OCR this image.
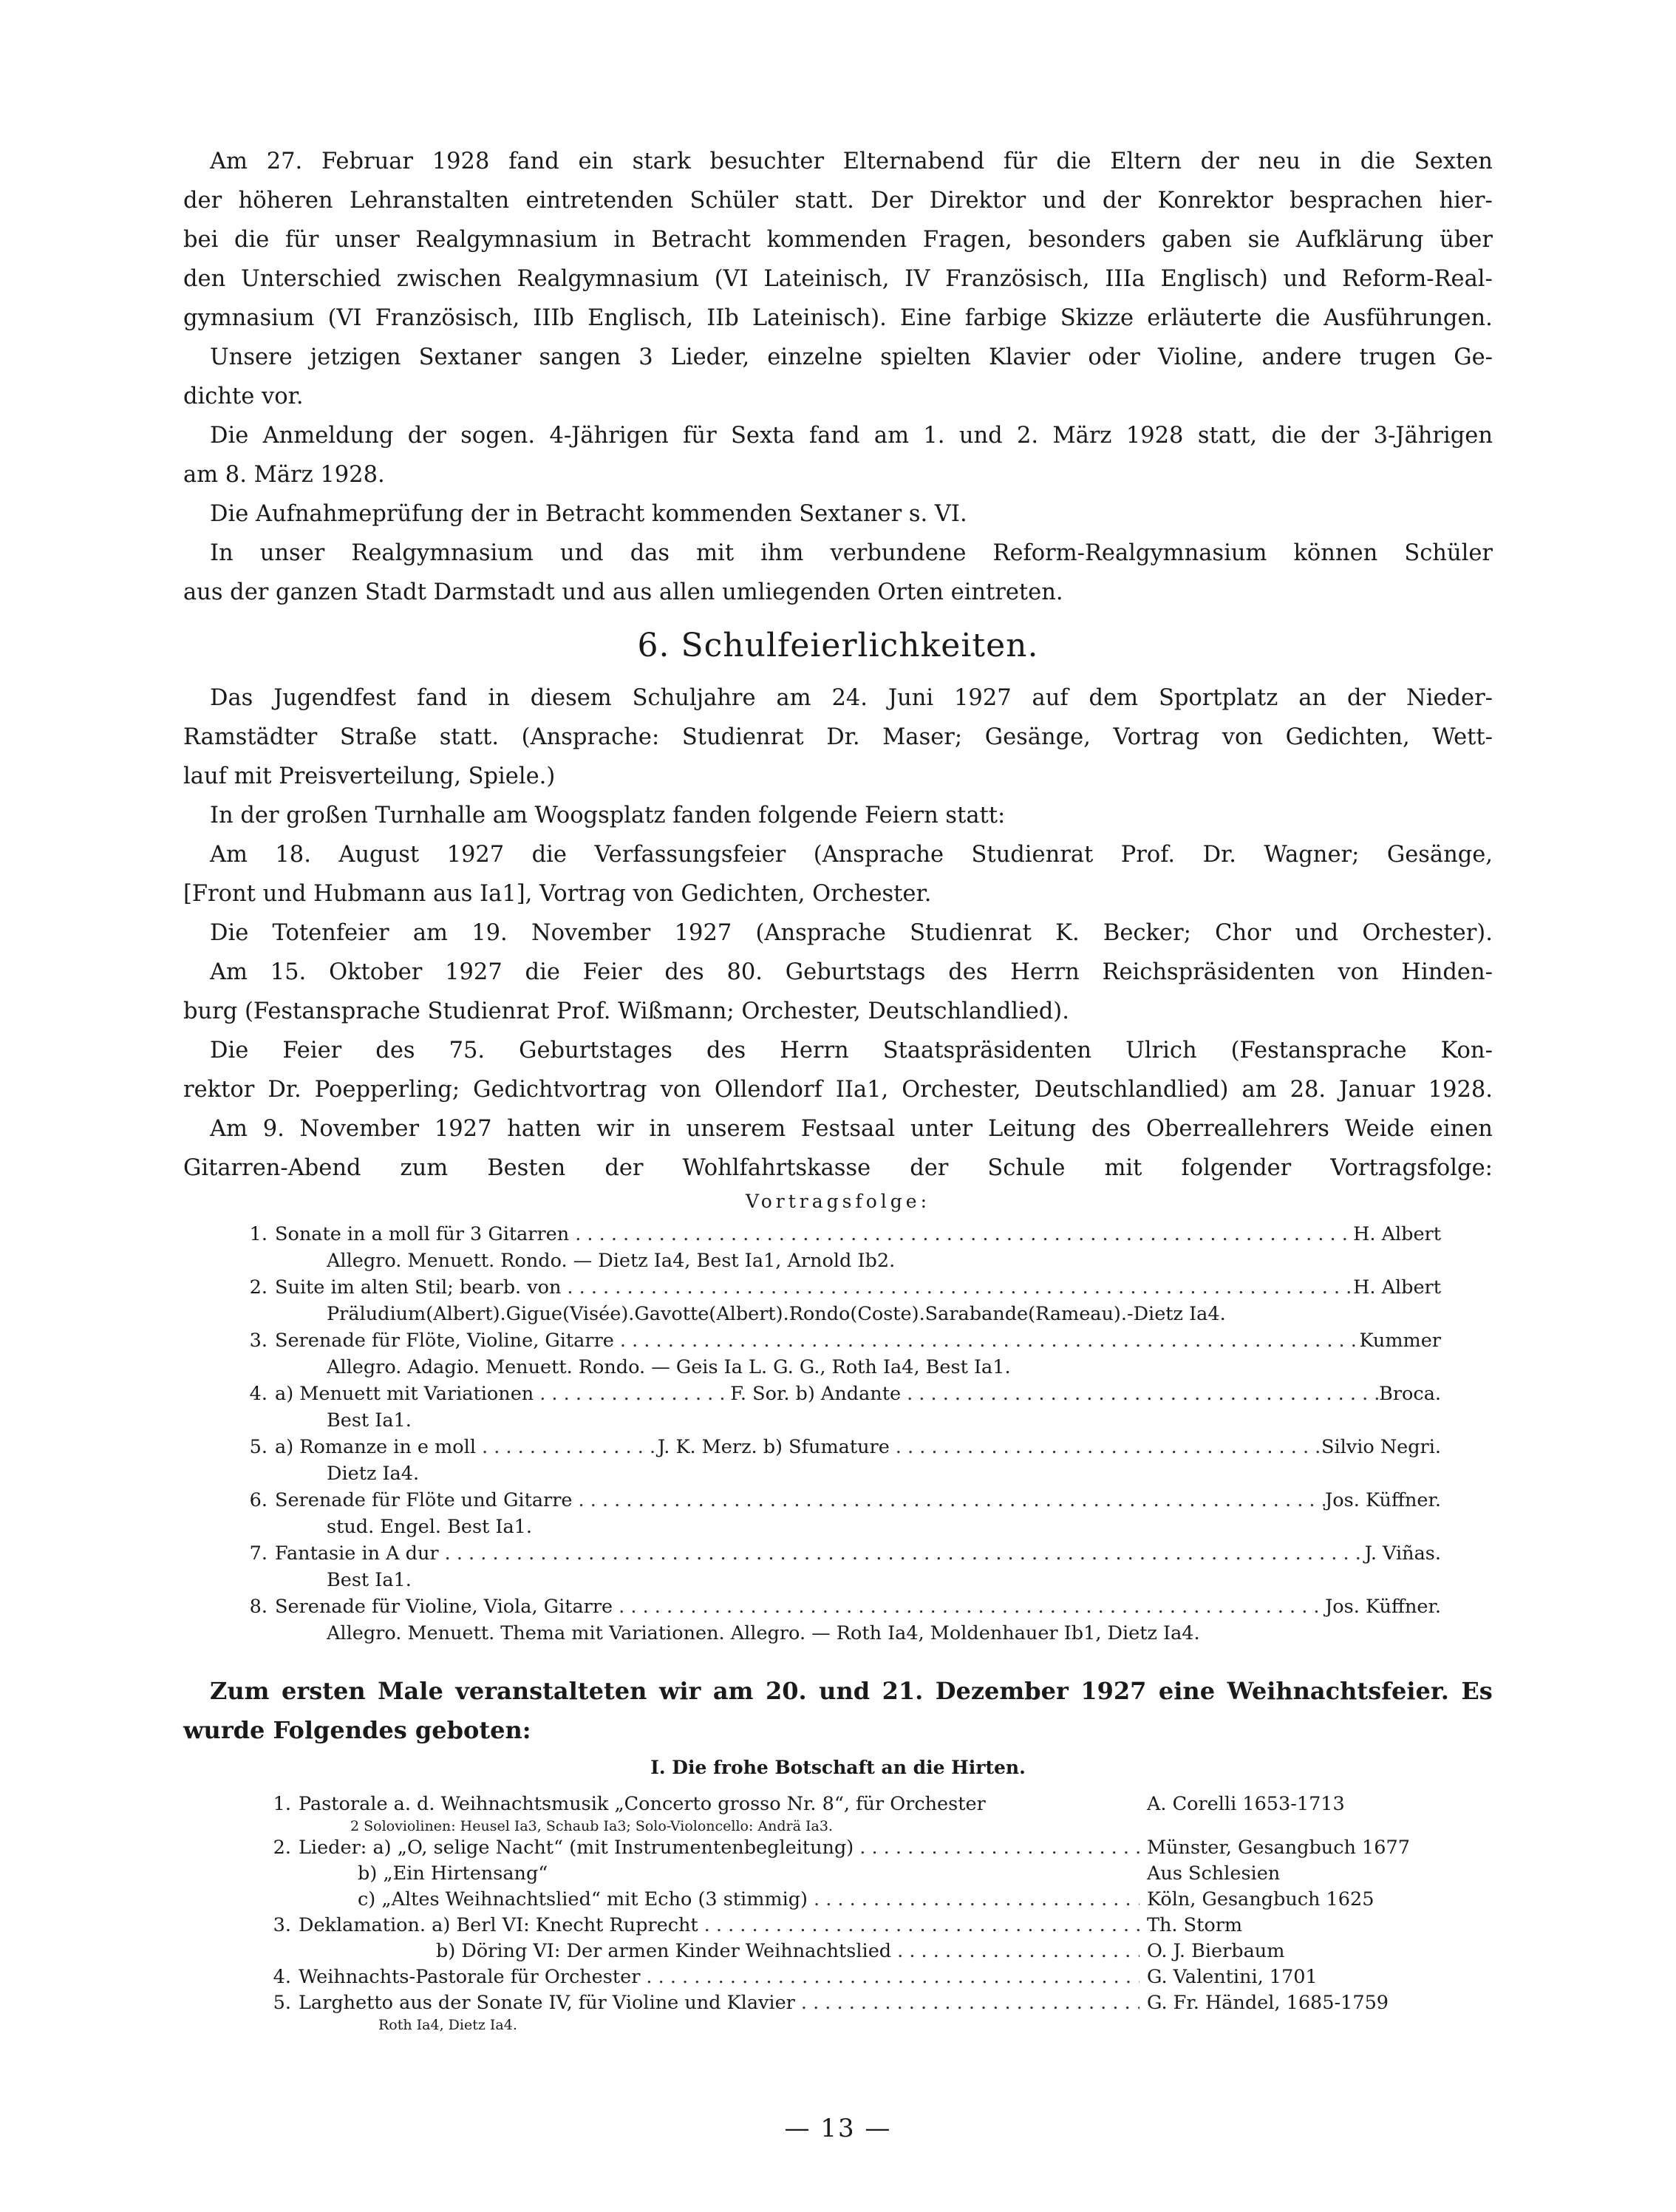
Am 27. Februar 1928 fand ein stark besuchter Elternabend für die Eltern der neu in die Sexten
der höheren Lehranstalten eintretenden Schüler statt. Der Direktor und der Konrektor besprachen hier-
bei die für unser Realgymnasium in Betracht kommenden Fragen, besonders gaben sie Aufklärung über
den Unterschied zwischen Realgymnasium (VI Lateinisch, IV Französisch, IIIa Englisch) und Reform-Real-
gymnasium (VI Französisch, IIIb Englisch, IIb Lateinisch). Eine farbige Skizze erläuterte die Ausführungen.
Unsere jetzigen Sextaner sangen 3 Lieder, einzelne spielten Klavier oder Violine, andere trugen Ge-
dichte vor.
Die Anmeldung der sogen. 4-Jährigen für Sexta fand am 1. und 2. März 1928 statt, die der 3-Jährigen
am 8. März 1928.
Die Aufnahmeprüfung der in Betracht kommenden Sextaner s. VI.
In unser Realgymnasium und das mit ihm verbundene Reform-Realgymnasium können Schüler
aus der ganzen Stadt Darmstadt und aus allen umliegenden Orten eintreten.
6. Schulfeierlichkeiten.
Das Jugendfest fand in diesem Schuljahre am 24. Juni 1927 auf dem Sportplatz an der Nieder-
Ramstädter Straße statt. (Ansprache: Studienrat Dr. Maser; Gesänge, Vortrag von Gedichten, Wett-
lauf mit Preisverteilung, Spiele.)
In der großen Turnhalle am Woogsplatz fanden folgende Feiern statt:
Am 18. August 1927 die Verfassungsfeier (Ansprache Studienrat Prof. Dr. Wagner; Gesänge,
[Front und Hubmann aus Ia1], Vortrag von Gedichten, Orchester.
Die Totenfeier am 19. November 1927 (Ansprache Studienrat K. Becker; Chor und Orchester).
Am 15. Oktober 1927 die Feier des 80. Geburtstags des Herrn Reichspräsidenten von Hinden-
burg (Festansprache Studienrat Prof. Wißmann; Orchester, Deutschlandlied).
Die Feier des 75. Geburtstages des Herrn Staatspräsidenten Ulrich (Festansprache Kon-
rektor Dr. Poepperling; Gedichtvortrag von Ollendorf IIa1, Orchester, Deutschlandlied) am 28. Januar 1928.
Am 9. November 1927 hatten wir in unserem Festsaal unter Leitung des Oberreallehrers Weide einen
Gitarren-Abend zum Besten der Wohlfahrtskasse der Schule mit folgender Vortragsfolge:
Vortragsfolge:
1. Sonate in a moll für 3 Gitarren . . .	H. Albert
Allegro. Menuett. Rondo. — Dietz Ia4, Best Ia1, Arnold Ib2.
2. Suite im alten Stil; bearb. von . . .	H. Albert
Präludium(Albert).Gigue(Visée).Gavotte(Albert).Rondo(Coste).Sarabande(Rameau).-Dietz Ia4.
3. Serenade für Flöte, Violine, Gitarre . . .	Kummer
Allegro. Adagio. Menuett. Rondo. — Geis Ia L. G. G., Roth Ia4, Best Ia1.
4. a) Menuett mit Variationen . . .	F. Sor. b) Andante . . .	Broca.
Best Ia1.
5. a) Romanze in e moll . . .	J. K. Merz. b) Sfumature . . .	Silvio Negri.
Dietz Ia4.
6. Serenade für Flöte und Gitarre . . .	Jos. Küffner.
stud. Engel. Best Ia1.
7. Fantasie in A dur . . .	J. Viñas.
Best Ia1.
8. Serenade für Violine, Viola, Gitarre . . .	Jos. Küffner.
Allegro. Menuett. Thema mit Variationen. Allegro. — Roth Ia4, Moldenhauer Ib1, Dietz Ia4.
Zum ersten Male veranstalteten wir am 20. und 21. Dezember 1927 eine Weihnachtsfeier. Es
wurde Folgendes geboten:
I. Die frohe Botschaft an die Hirten.
1. Pastorale a. d. Weihnachtsmusik „Concerto grosso Nr. 8“, für Orchester	A. Corelli 1653-1713
2 Soloviolinen: Heusel Ia3, Schaub Ia3; Solo-Violoncello: Andrä Ia3.
2. Lieder: a) „O, selige Nacht“ (mit Instrumentenbegleitung) . . .	Münster, Gesangbuch 1677
b) „Ein Hirtensang“	Aus Schlesien
c) „Altes Weihnachtslied“ mit Echo (3 stimmig) . . .	Köln, Gesangbuch 1625
3. Deklamation. a) Berl VI: Knecht Ruprecht . . .	Th. Storm
b) Döring VI: Der armen Kinder Weihnachtslied . . .	O. J. Bierbaum
4. Weihnachts-Pastorale für Orchester . . .	G. Valentini, 1701
5. Larghetto aus der Sonate IV, für Violine und Klavier . . .	G. Fr. Händel, 1685-1759
Roth Ia4, Dietz Ia4.
— 13 —
